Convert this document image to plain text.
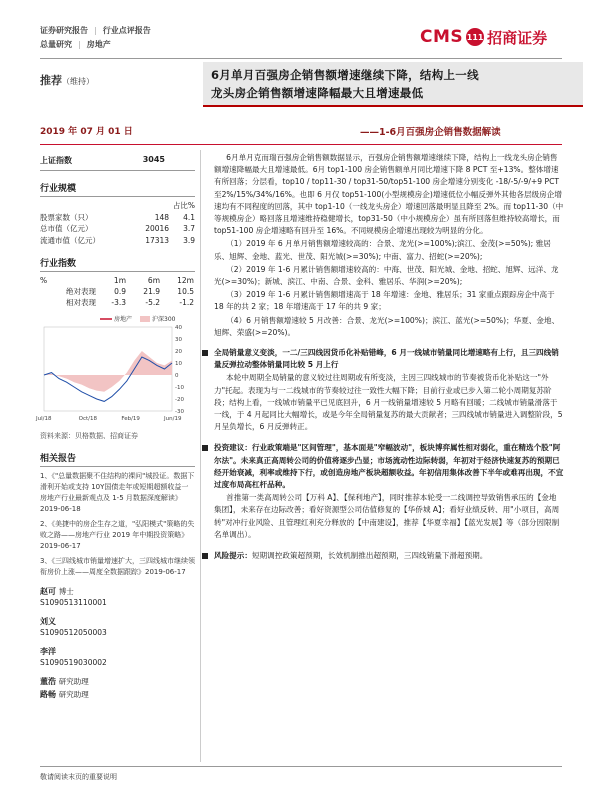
证券研究报告 | 行业点评报告
总量研究 | 房地产	CMS 111 招商证券
推荐（维持）	6月单月百强房企销售额增速继续下降，结构上一线

龙头房企销售额增速降幅最大且增速最低

2019 年 07 月 01 日	——1-6月百强房企销售数据解读
上证指数	3045
行业规模
占比%
股票家数（只）	148 4.1
总市值（亿元）	20016 3.7
流通市值（亿元）	17313 3.9
行业指数
%	1m	6m	12m
绝对表现	0.9	21.9	10.5
相对表现	-3.3	-5.2	-1.2
房地产	沪深300
40
30
20
10
0
-10
-20
-30
Jul/18	Oct/18	Feb/19	Jun/19
资料来源：贝格数据、招商证券
相关报告
1、《"总量数据聚不住结构的裸问"城投证。数据下滑利开始或支持 10Y国债走年或短期超额收益一房地产行业最新观点及 1-5 月数据深度解读》2019-06-18
2、《美捷中的房企生存之道，"弘阳模式"策略的失败之路——房地产行业 2019 年中期投资策略》2019-06-17
3、《三四线城市销量增速扩大，三四线城市继续领衔房价上涨——周度全数据跟踪》2019-06-17
赵可 博士
S1090513110001
刘义
S1090512050003
李洋
S1090519030002
董浩 研究助理
路畅 研究助理

6月单月克而瑞百强房企销售额数据显示，百强房企销售额增速继续下降，结构上一线龙头房企销售额增速降幅最大且增速最低。6月 top1-100 房企销售额单月同比增速下降 8 PCT 至+13%。整体增速有所回落；分层看，top10 / top11-30 / top31-50/top51-100 房企增速分别变化 -18/-5/-9/+9 PCT 至2%/15%/34%/16%。也即 6 月仅 top51-100(小型规模房企)增速低位小幅反弹外其他各层级房企增速均有不同程度的回落，其中 top1-10（一线龙头房企）增速回落最明显且降至 2%。而 top11-30（中等规模房企）略回落且增速维持稳健增长，top31-50（中小规模房企）虽有所回落但维持较高增长，而 top51-100 房企增速略有回升至 16%。不同规模房企增速出现较为明显的分化。

（1）2019 年 6 月单月销售额增速较高的：合景、龙光(>=100%);滨江、金茂(>=50%); 雅居乐、旭辉、金地、蓝光、世茂、阳光城(>=30%); 中南、富力、招蛇(>=20%);

（2）2019 年 1-6 月累计销售额增速较高的：中海、世茂、阳光城、金地、招蛇、旭辉、远洋、龙光(>=30%)；新城、滨江、中南、合景、金科、雅居乐、华润(>=20%);

（3）2019 年 1-6 月累计销售额增速高于 18 年增速：金地、雅居乐；31 家重点跟踪房企中高于 18 年的共 2 家；18 年增速高于 17 年的共 9 家；

（4）6 月销售额增速较 5 月改善：合景、龙光(>=100%)；滨江、蓝光(>=50%)；华夏、金地、旭辉、荣盛(>=20%)。

全局销量意义变淡，一二/三四线因货币化补贴错峰，6 月一线城市销量同比增速略有上行，且三四线销量反弹拉动整体销量同比较 5 月上行

本轮中周期全局销量的意义较过往周期或有所变淡，主因三四线城市的节奏被货币化补贴这一"外力"托起。表现为与一二线城市的节奏较过往一致性大幅下降；目前行业或已步入第二轮小周期复苏阶段；结构上看，一线城市销量平已见底回升，6 月一线销量增速较 5 月略有回暖；二线城市销量滑落于一线，于 4 月起同比大幅增长，或是今年全局销量复苏的最大贡献者；三四线城市销量进入调整阶段，5 月呈负增长，6 月反弹转正。

投资建议：行业政策端是"区间管理"，基本面是"窄幅波动"，板块博弈属性相对弱化，重在精选个股"阿尔法"。未来真正高周转公司的价值将逐步凸显；市场流动性边际转弱，年初对于经济快速复苏的预期已经开始衰减，利率或维持下行，或创造房地产板块超额收益。年初信用集体改善下半年或难再出现，不宜过度布局高杠杆品种。

首推第一类高周转公司【万科 A】、【保利地产】，同时推荐本轮受一二线调控导致销售承压的【金地集团】，未来存在边际改善；看好资源型公司估值修复的【华侨城 A】；看好业绩反转、用"小项目，高周转"对冲行业风险、且管理红利充分释放的【中南建设】，推荐【华夏幸福】【蓝光发展】等（部分因限制名单调出）。

风险提示：短期调控政策超预期，长效机制推出超预期，三四线销量下滑超预期。

敬请阅读末页的重要说明
